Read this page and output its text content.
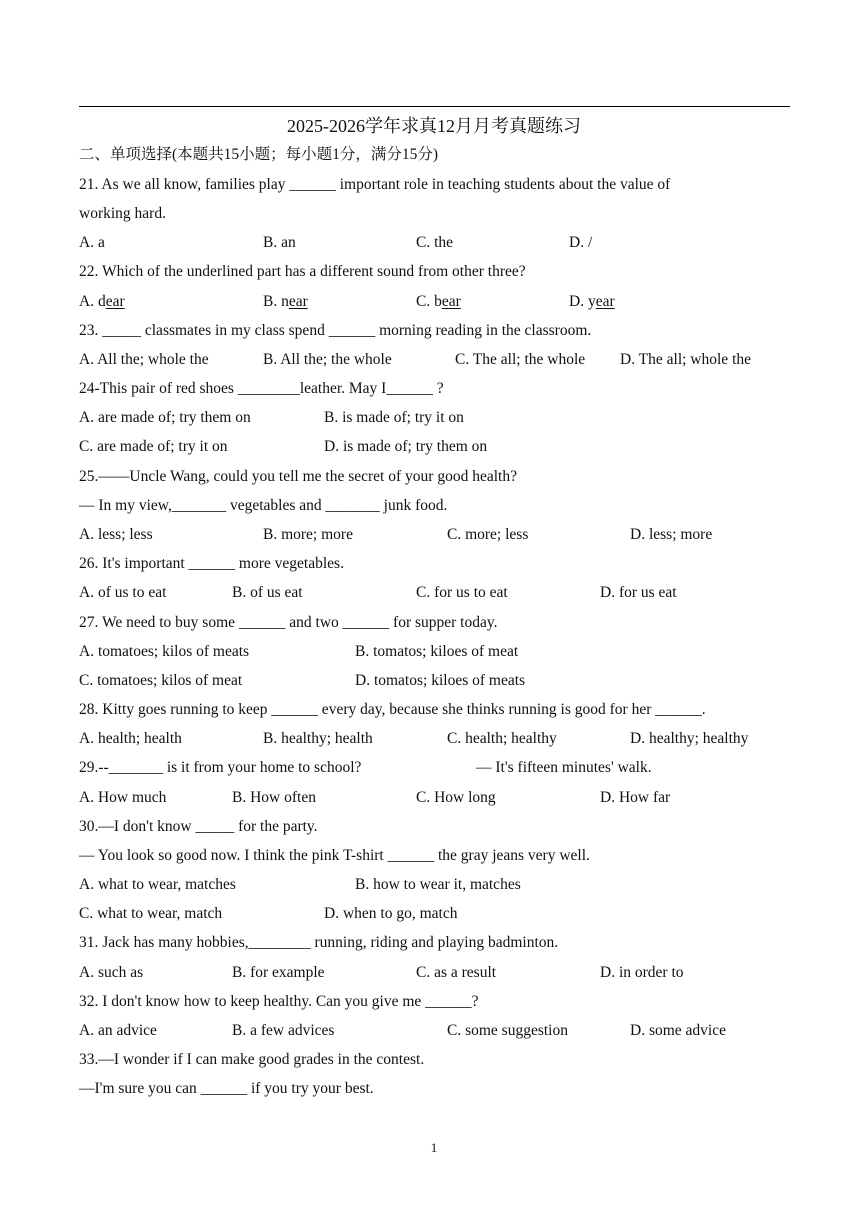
2025-2026学年求真12月月考真题练习
二、单项选择(本题共15小题；每小题1分，满分15分)
21. As we all know, families play ______ important role in teaching students about the value of
working hard.
A. a	B. an	C. the	D. /
22. Which of the underlined part has a different sound from other three?
A. dear	B. near	C. bear	D. year
23. _____ classmates in my class spend ______ morning reading in the classroom.
A. All the; whole the	B. All the; the whole	C. The all; the whole D. The all; whole the
24-This pair of red shoes ________leather. May I______ ?
A. are made of; try them on	B. is made of; try it on
C. are made of; try it on	D. is made of; try them on
25.——Uncle Wang, could you tell me the secret of your good health?
— In my view,_______ vegetables and _______ junk food.
A. less; less	B. more; more	C. more; less	D. less; more
26. It's important ______ more vegetables.
A. of us to eat	B. of us eat	C. for us to eat	D. for us eat
27. We need to buy some ______ and two ______ for supper today.
A. tomatoes; kilos of meats	B. tomatos; kiloes of meat
C. tomatoes; kilos of meat	D. tomatos; kiloes of meats
28. Kitty goes running to keep ______ every day, because she thinks running is good for her ______.
A. health; health	B. healthy; health	C. health; healthy	D. healthy; healthy
29.--_______ is it from your home to school?	— It's fifteen minutes' walk.
A. How much	B. How often	C. How long	D. How far
30.—I don't know _____ for the party.
— You look so good now. I think the pink T-shirt ______ the gray jeans very well.
A. what to wear, matches	B. how to wear it, matches
C. what to wear, match	D. when to go, match
31. Jack has many hobbies,________ running, riding and playing badminton.
A. such as	B. for example	C. as a result	D. in order to
32. I don't know how to keep healthy. Can you give me ______?
A. an advice	B. a few advices	C. some suggestion	D. some advice
33.—I wonder if I can make good grades in the contest.
—I'm sure you can ______ if you try your best.
1
